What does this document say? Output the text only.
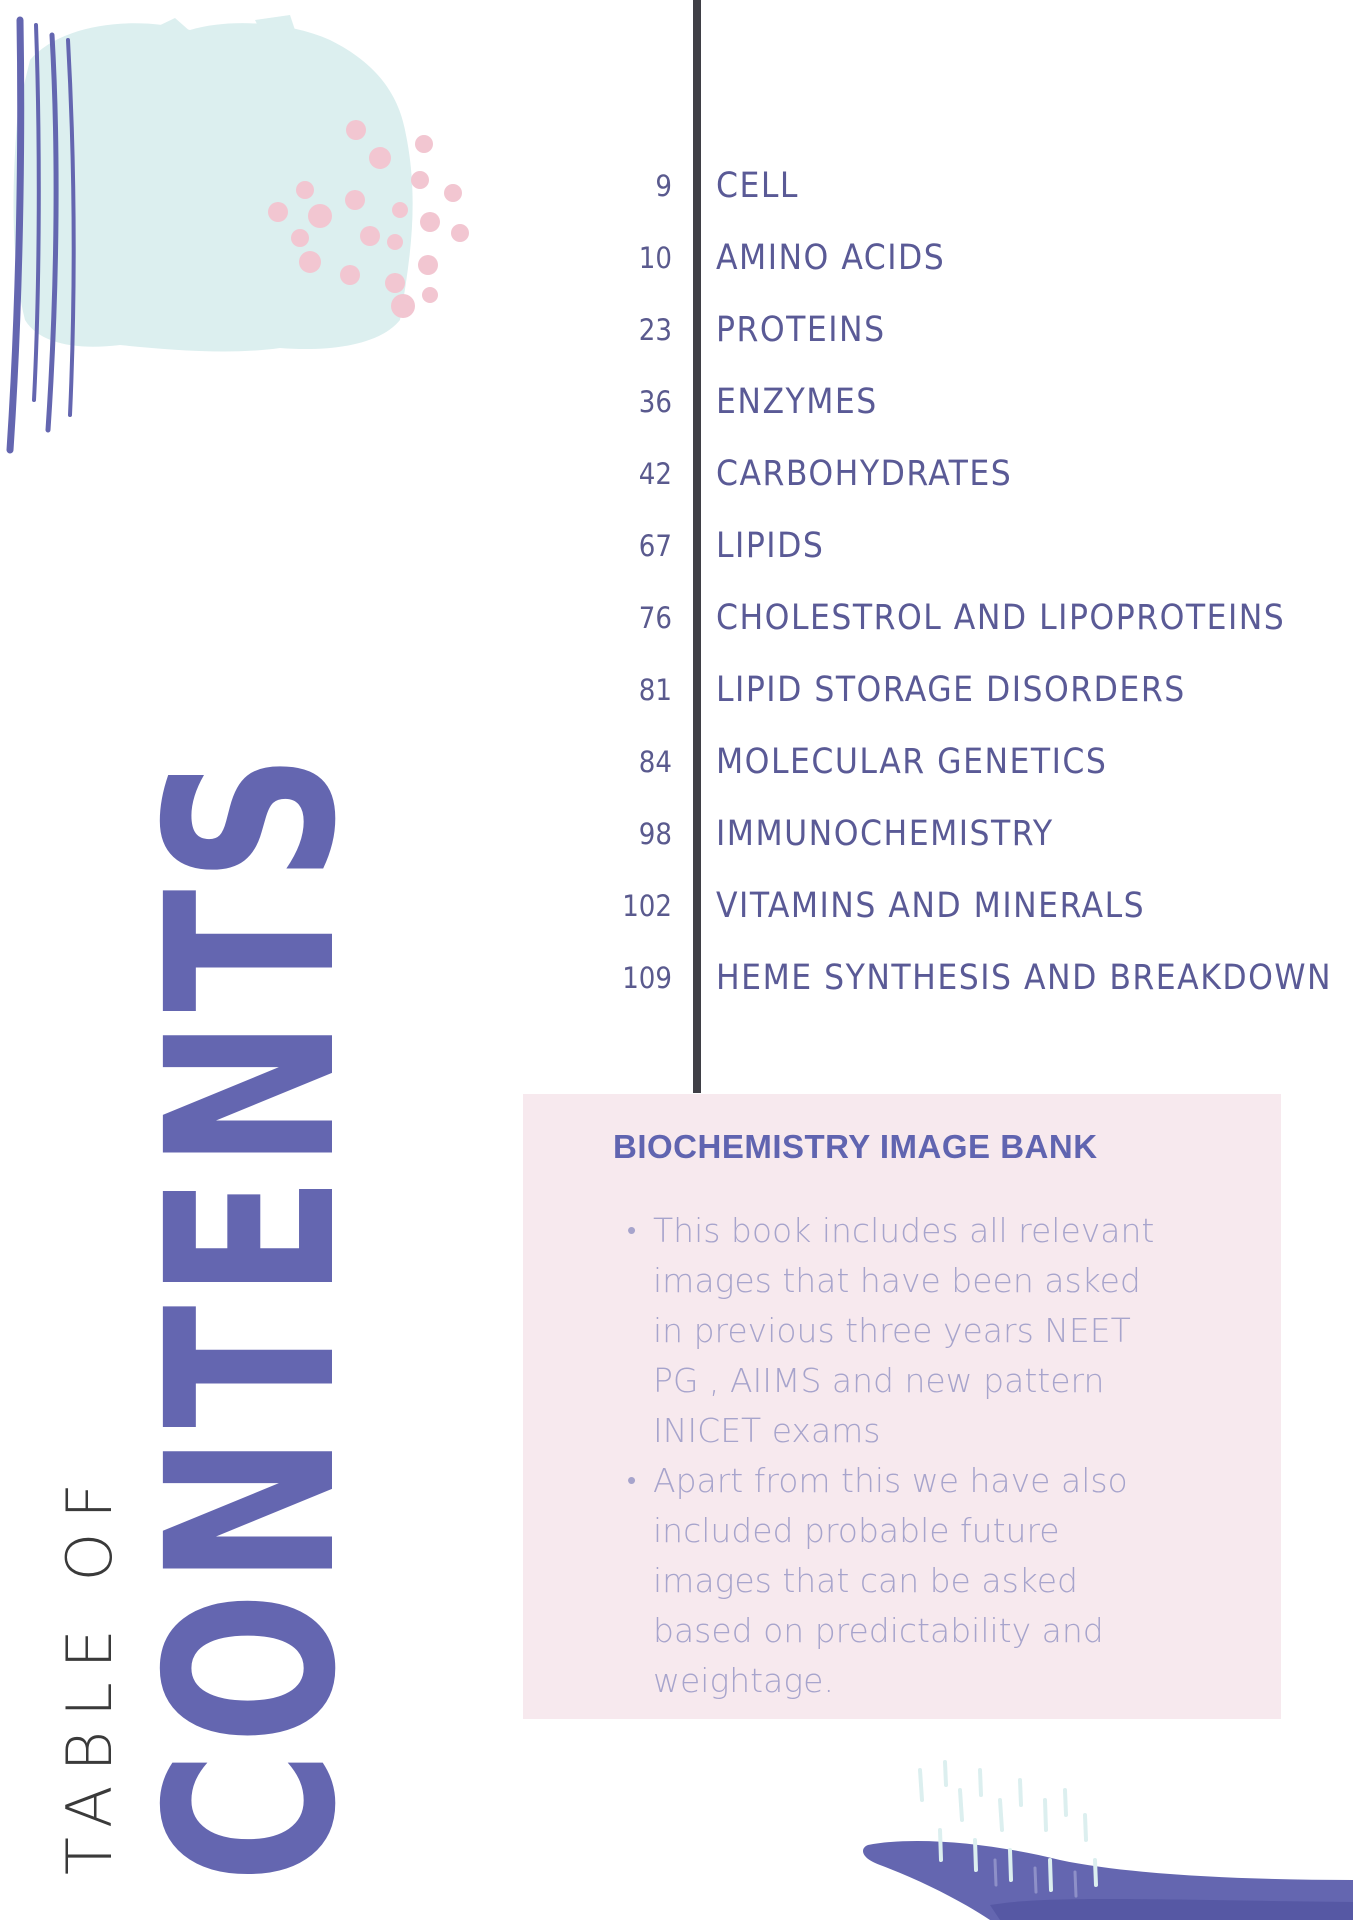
9 CELL
10 AMINO ACIDS
23 PROTEINS
36 ENZYMES
42 CARBOHYDRATES
67 LIPIDS
76 CHOLESTROL AND LIPOPROTEINS
81 LIPID STORAGE DISORDERS
84 MOLECULAR GENETICS
98 IMMUNOCHEMISTRY
102 VITAMINS AND MINERALS
109 HEME SYNTHESIS AND BREAKDOWN
TABLE OF
CONTENTS	BIOCHEMISTRY IMAGE BANK
• This book includes all relevant images that have been asked in previous three years NEET PG , AIIMS and new pattern INICET exams
• Apart from this we have also included probable future images that can be asked based on predictability and weightage.
